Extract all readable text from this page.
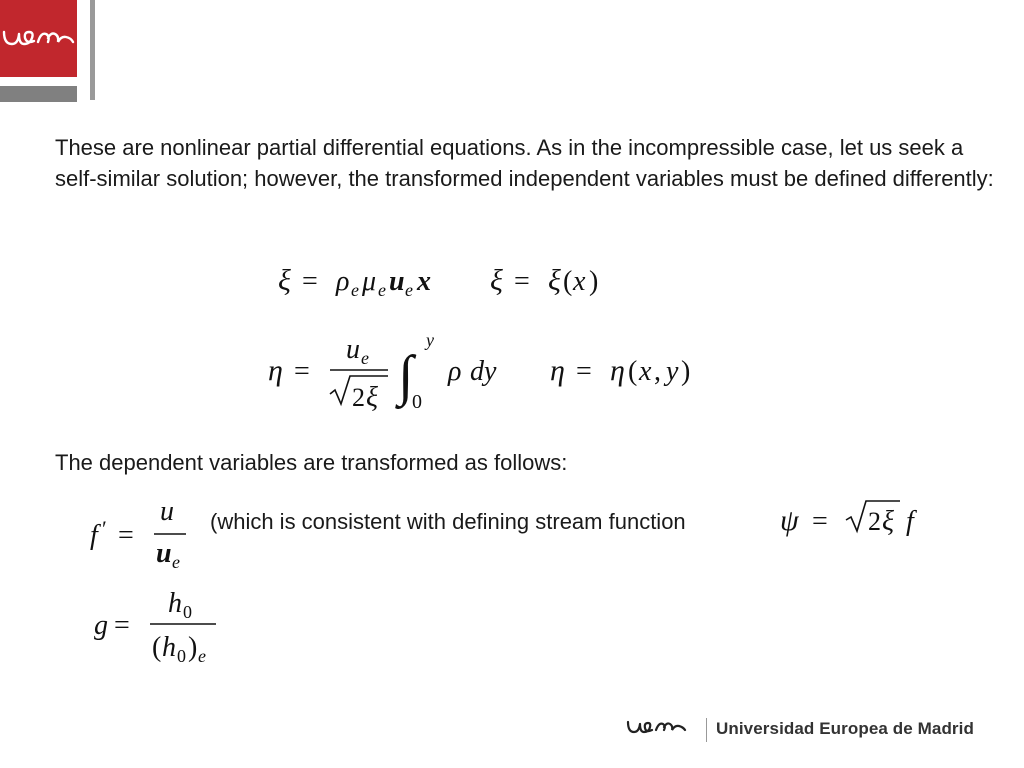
These are nonlinear partial differential equations. As in the incompressible case, let us seek a self-similar solution; however, the transformed independent variables must be defined differently:

ξ = ρ e μ e u e x ξ = ξ ( x )
η =
u e
2 ξ ∫
y
0
ρ dy η = η ( x , y )

The dependent variables are transformed as follows:

f ′ =
u
u e

(which is consistent with defining stream function	ψ = 2 ξ f
g =
h 0
( h 0 ) e
Universidad Europea de Madrid
